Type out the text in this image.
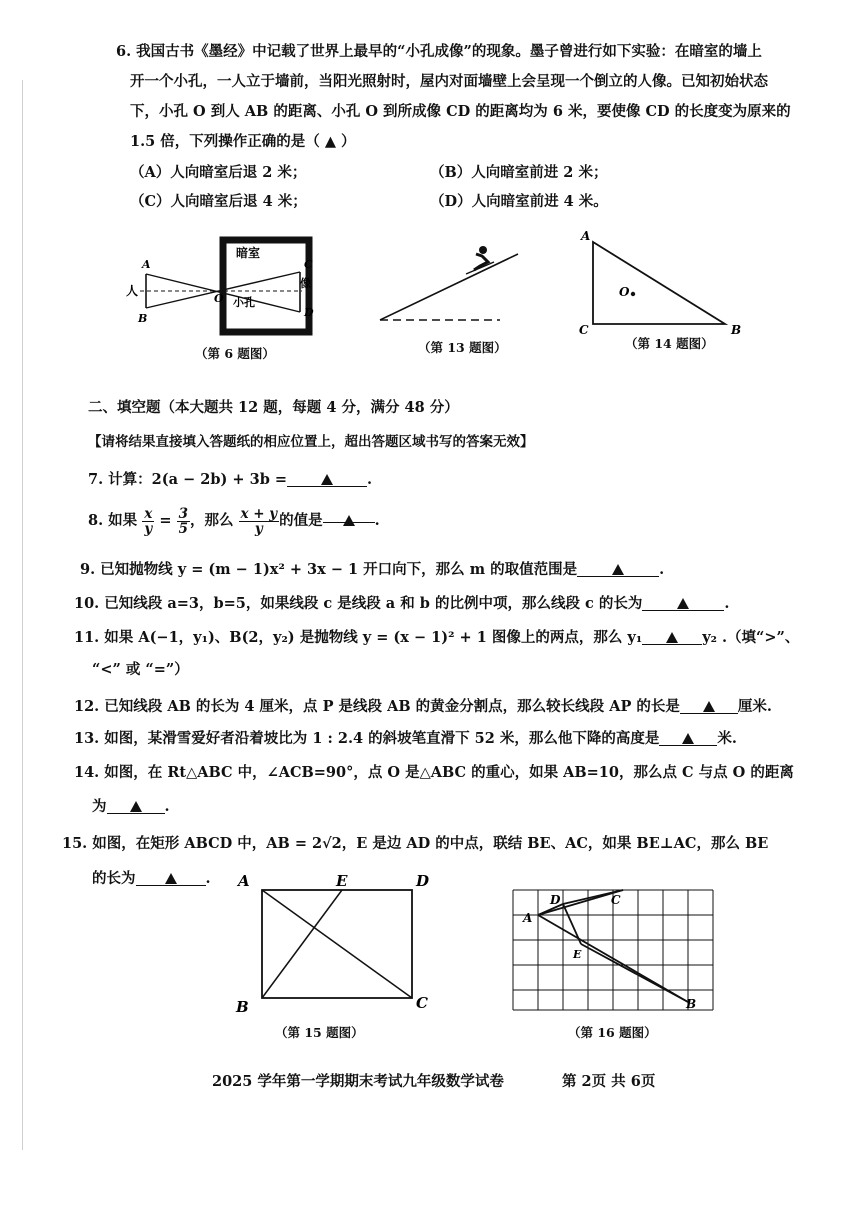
6. 我国古书《墨经》中记载了世界上最早的“小孔成像”的现象。墨子曾进行如下实验：在暗室的墙上
开一个小孔，一人立于墙前，当阳光照射时，屋内对面墙壁上会呈现一个倒立的人像。已知初始状态
下，小孔 O 到人 AB 的距离、小孔 O 到所成像 CD 的距离均为 6 米，要使像 CD 的长度变为原来的
1.5 倍，下列操作正确的是（ ▲ ）
（A）人向暗室后退 2 米；	（B）人向暗室前进 2 米；
（C）人向暗室后退 4 米；	（D）人向暗室前进 4 米。
暗室
人
小孔
像
A
B
C
D
O
（第 6 题图）	（第 13 题图）
A
C	B
O
（第 14 题图）
二、填空题（本大题共 12 题，每题 4 分，满分 48 分）
【请将结果直接填入答题纸的相应位置上，超出答题区域书写的答案无效】
7. 计算：2(a − 2b) + 3b =	.
8. 如果 $\frac{x}{y} = \frac{3}{5}$ ，那么 $\frac{x + y}{y}$ 的值是	.
9. 已知抛物线 y = (m − 1)x² + 3x − 1 开口向下，那么 m 的取值范围是	.
10. 已知线段 a=3，b=5，如果线段 c 是线段 a 和 b 的比例中项，那么线段 c 的长为	.
11. 如果 A(−1，y₁)、B(2，y₂) 是抛物线 y = (x − 1)² + 1 图像上的两点，那么 y₁	y₂ .（填“>”、
“<” 或 “=”）
12. 已知线段 AB 的长为 4 厘米，点 P 是线段 AB 的黄金分割点，那么较长线段 AP 的长是	厘米.
13. 如图，某滑雪爱好者沿着坡比为 1 : 2.4 的斜坡笔直滑下 52 米，那么他下降的高度是	米.
14. 如图，在 Rt△ABC 中，∠ACB=90°，点 O 是△ABC 的重心，如果 AB=10，那么点 C 与点 O 的距离
为	.
15. 如图，在矩形 ABCD 中，AB = 2√2，E 是边 AD 的中点，联结 BE、AC，如果 BE⊥AC，那么 BE
的长为	. A	E	D
B	C
（第 15 题图）
A
D	C
E
B
（第 16 题图）
2025 学年第一学期期末考试九年级数学试卷	第 2页 共 6页
